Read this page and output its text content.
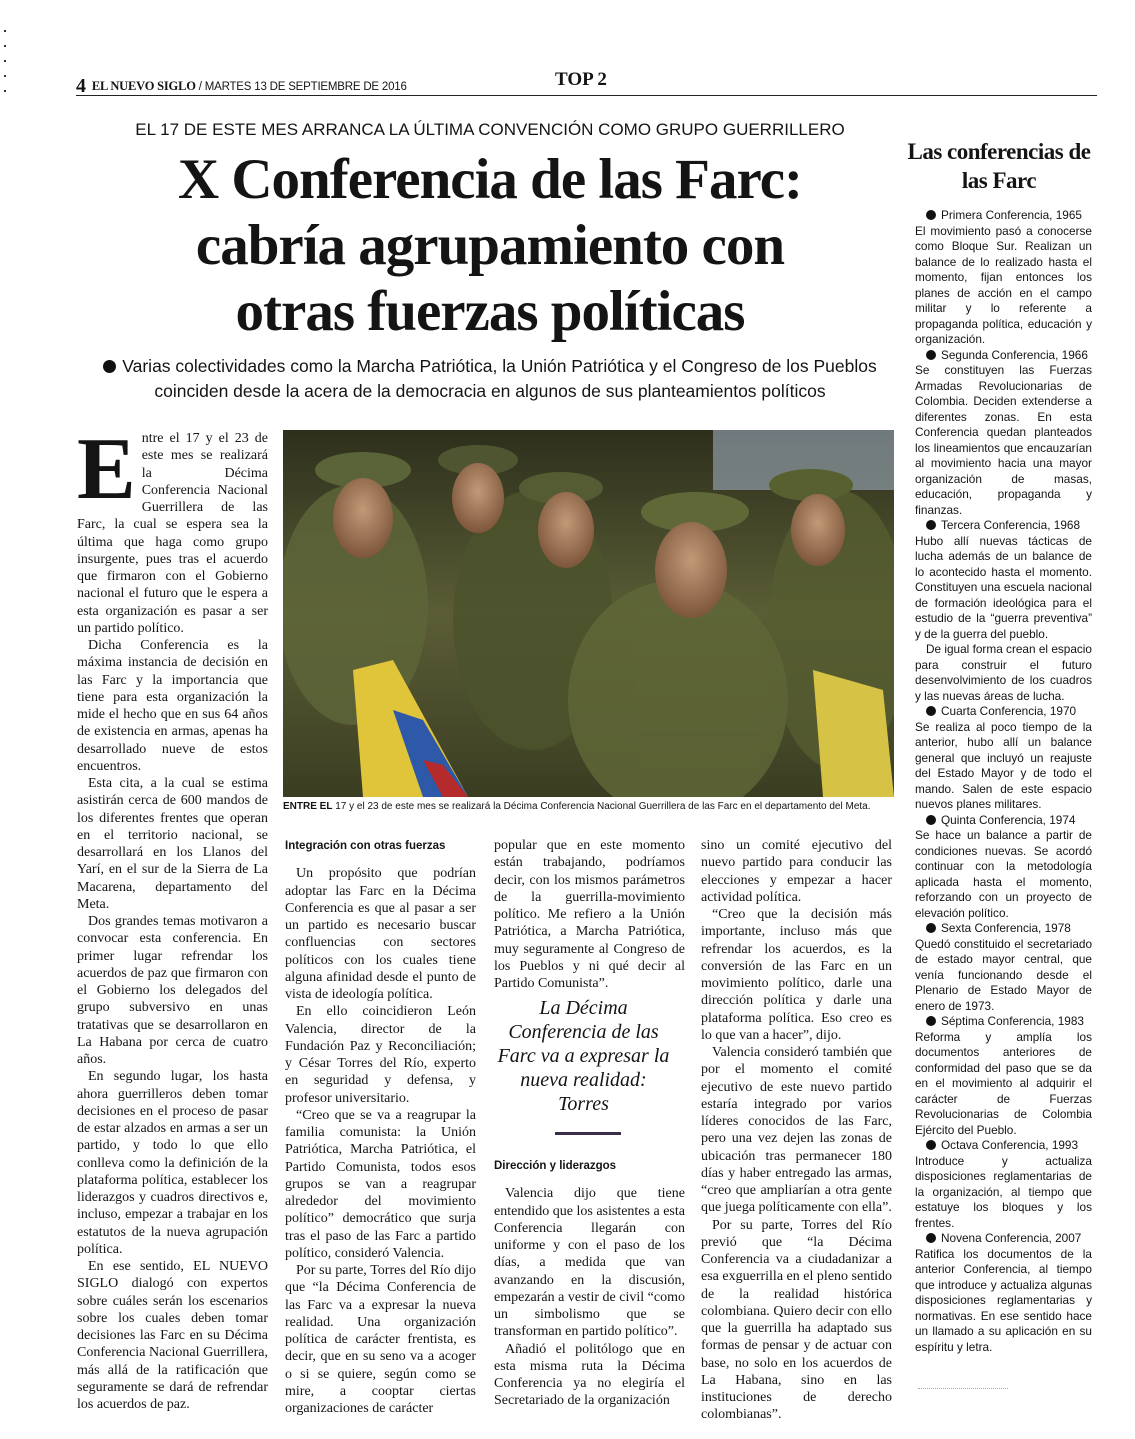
4 EL NUEVO SIGLO / MARTES 13 DE SEPTIEMBRE DE 2016	TOP 2
EL 17 DE ESTE MES ARRANCA LA ÚLTIMA CONVENCIÓN COMO GRUPO GUERRILLERO
X Conferencia de las Farc:
cabría agrupamiento con
otras fuerzas políticas
Varias colectividades como la Marcha Patriótica, la Unión Patriótica y el Congreso de los Pueblos coinciden desde la acera de la democracia en algunos de sus planteamientos políticos

Entre el 17 y el 23 de este mes se realizará la Décima Conferencia Nacional Guerrillera de las Farc, la cual se espera sea la última que haga como grupo insurgente, pues tras el acuerdo que firmaron con el Gobierno nacional el futuro que le espera a esta organización es pasar a ser un partido político.

Dicha Conferencia es la máxima instancia de decisión en las Farc y la importancia que tiene para esta organización la mide el hecho que en sus 64 años de existencia en armas, apenas ha desarrollado nueve de estos encuentros.

Esta cita, a la cual se estima asistirán cerca de 600 mandos de los diferentes frentes que operan en el territorio nacional, se desarrollará en los Llanos del Yarí, en el sur de la Sierra de La Macarena, departamento del Meta.

Dos grandes temas motivaron a convocar esta conferencia. En primer lugar refrendar los acuerdos de paz que firmaron con el Gobierno los delegados del grupo subversivo en unas tratativas que se desarrollaron en La Habana por cerca de cuatro años.

En segundo lugar, los hasta ahora guerrilleros deben tomar decisiones en el proceso de pasar de estar alzados en armas a ser un partido, y todo lo que ello conlleva como la definición de la plataforma política, establecer los liderazgos y cuadros directivos e, incluso, empezar a trabajar en los estatutos de la nueva agrupación política.

En ese sentido, EL NUEVO SIGLO dialogó con expertos sobre cuáles serán los escenarios sobre los cuales deben tomar decisiones las Farc en su Décima Conferencia Nacional Guerrillera, más allá de la ratificación que seguramente se dará de refrendar los acuerdos de paz.

ENTRE EL 17 y el 23 de este mes se realizará la Décima Conferencia Nacional Guerrillera de las Farc en el departamento del Meta.
Integración con otras fuerzas

Un propósito que podrían adoptar las Farc en la Décima Conferencia es que al pasar a ser un partido es necesario buscar confluencias con sectores políticos con los cuales tiene alguna afinidad desde el punto de vista de ideología política.

En ello coincidieron León Valencia, director de la Fundación Paz y Reconciliación; y César Torres del Río, experto en seguridad y defensa, y profesor universitario.

“Creo que se va a reagrupar la familia comunista: la Unión Patriótica, Marcha Patriótica, el Partido Comunista, todos esos grupos se van a reagrupar alrededor del movimiento político” democrático que surja tras el paso de las Farc a partido político, consideró Valencia.

Por su parte, Torres del Río dijo que “la Décima Conferencia de las Farc va a expresar la nueva realidad. Una organización política de carácter frentista, es decir, que en su seno va a acoger o si se quiere, según como se mire, a cooptar ciertas organizaciones de carácter

popular que en este momento están trabajando, podríamos decir, con los mismos parámetros de la guerrilla-movimiento político. Me refiero a la Unión Patriótica, a Marcha Patriótica, muy seguramente al Congreso de los Pueblos y ni qué decir al Partido Comunista”.

La Décima Conferencia de las Farc va a expresar la nueva realidad: Torres
Dirección y liderazgos

Valencia dijo que tiene entendido que los asistentes a esta Conferencia llegarán con uniforme y con el paso de los días, a medida que van avanzando en la discusión, empezarán a vestir de civil “como un simbolismo que se transforman en partido político”.

Añadió el politólogo que en esta misma ruta la Décima Conferencia ya no elegiría el Secretariado de la organización

sino un comité ejecutivo del nuevo partido para conducir las elecciones y empezar a hacer actividad política.

“Creo que la decisión más importante, incluso más que refrendar los acuerdos, es la conversión de las Farc en un movimiento político, darle una dirección política y darle una plataforma política. Eso creo es lo que van a hacer”, dijo.

Valencia consideró también que por el momento el comité ejecutivo de este nuevo partido estaría integrado por varios líderes conocidos de las Farc, pero una vez dejen las zonas de ubicación tras permanecer 180 días y haber entregado las armas, “creo que ampliarían a otra gente que juega políticamente con ella”.

Por su parte, Torres del Río previó que “la Décima Conferencia va a ciudadanizar a esa exguerrilla en el pleno sentido de la realidad histórica colombiana. Quiero decir con ello que la guerrilla ha adaptado sus formas de pensar y de actuar con base, no solo en los acuerdos de La Habana, sino en las instituciones de derecho colombianas”.

Las conferencias de las Farc
Primera Conferencia, 1965
El movimiento pasó a conocerse como Bloque Sur. Realizan un balance de lo realizado hasta el momento, fijan entonces los planes de acción en el campo militar y lo referente a propaganda política, educación y organización.
Segunda Conferencia, 1966
Se constituyen las Fuerzas Armadas Revolucionarias de Colombia. Deciden extenderse a diferentes zonas. En esta Conferencia quedan planteados los lineamientos que encauzarían al movimiento hacia una mayor organización de masas, educación, propaganda y finanzas.
Tercera Conferencia, 1968
Hubo allí nuevas tácticas de lucha además de un balance de lo acontecido hasta el momento. Constituyen una escuela nacional de formación ideológica para el estudio de la “guerra preventiva” y de la guerra del pueblo.
De igual forma crean el espacio para construir el futuro desenvolvimiento de los cuadros y las nuevas áreas de lucha.
Cuarta Conferencia, 1970
Se realiza al poco tiempo de la anterior, hubo allí un balance general que incluyó un reajuste del Estado Mayor y de todo el mando. Salen de este espacio nuevos planes militares.
Quinta Conferencia, 1974
Se hace un balance a partir de condiciones nuevas. Se acordó continuar con la metodología aplicada hasta el momento, reforzando con un proyecto de elevación político.
Sexta Conferencia, 1978
Quedó constituido el secretariado de estado mayor central, que venía funcionando desde el Plenario de Estado Mayor de enero de 1973.
Séptima Conferencia, 1983
Reforma y amplía los documentos anteriores de conformidad del paso que se da en el movimiento al adquirir el carácter de Fuerzas Revolucionarias de Colombia Ejército del Pueblo.
Octava Conferencia, 1993
Introduce y actualiza disposiciones reglamentarias de la organización, al tiempo que estatuye los bloques y los frentes.
Novena Conferencia, 2007
Ratifica los documentos de la anterior Conferencia, al tiempo que introduce y actualiza algunas disposiciones reglamentarias y normativas. En ese sentido hace un llamado a su aplicación en su espíritu y letra.
